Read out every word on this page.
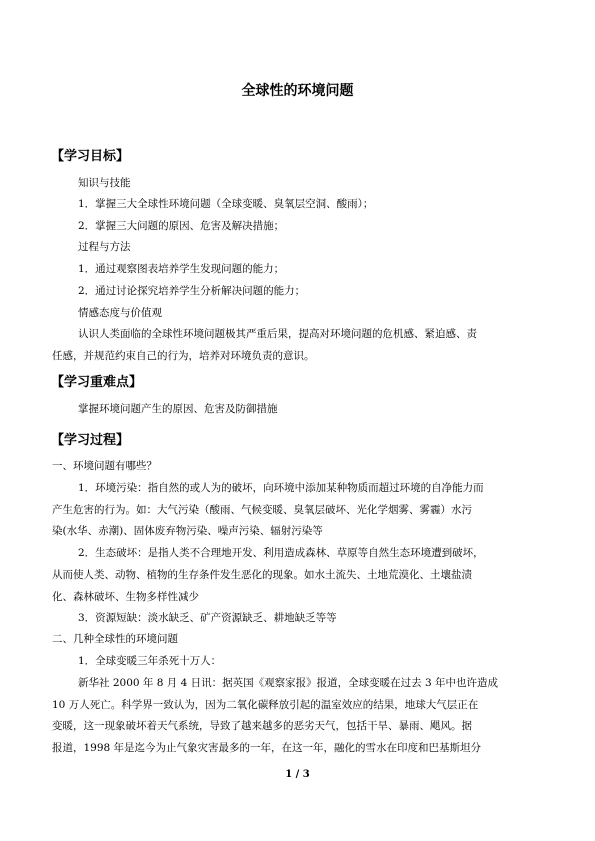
全球性的环境问题
【学习目标】
知识与技能
1．掌握三大全球性环境问题（全球变暖、臭氧层空洞、酸雨）；
2．掌握三大问题的原因、危害及解决措施；
过程与方法
1．通过观察图表培养学生发现问题的能力；
2．通过讨论探究培养学生分析解决问题的能力；
情感态度与价值观
认识人类面临的全球性环境问题极其严重后果，提高对环境问题的危机感、紧迫感、责
任感，并规范约束自己的行为，培养对环境负责的意识。
【学习重难点】
掌握环境问题产生的原因、危害及防御措施
【学习过程】
一、环境问题有哪些？
1．环境污染：指自然的或人为的破坏，向环境中添加某种物质而超过环境的自净能力而
产生危害的行为。如：大气污染（酸雨、气候变暖、臭氧层破坏、光化学烟雾、雾霾）水污
染(水华、赤潮)、固体废弃物污染、噪声污染、辐射污染等
2．生态破坏：是指人类不合理地开发、利用造成森林、草原等自然生态环境遭到破坏，
从而使人类、动物、植物的生存条件发生恶化的现象。如水土流失、土地荒漠化、土壤盐渍
化、森林破坏、生物多样性减少
3．资源短缺：淡水缺乏、矿产资源缺乏、耕地缺乏等等
二、几种全球性的环境问题
1．全球变暖三年杀死十万人：
新华社 2000 年 8 月 4 日讯：据英国《观察家报》报道，全球变暖在过去 3 年中也许造成
10 万人死亡。科学界一致认为，因为二氧化碳释放引起的温室效应的结果，地球大气层正在
变暖，这一现象破坏着天气系统，导致了越来越多的恶劣天气，包括干旱、暴雨、飓风。据
报道，1998 年是迄今为止气象灾害最多的一年，在这一年，融化的雪水在印度和巴基斯坦分
1 / 3
